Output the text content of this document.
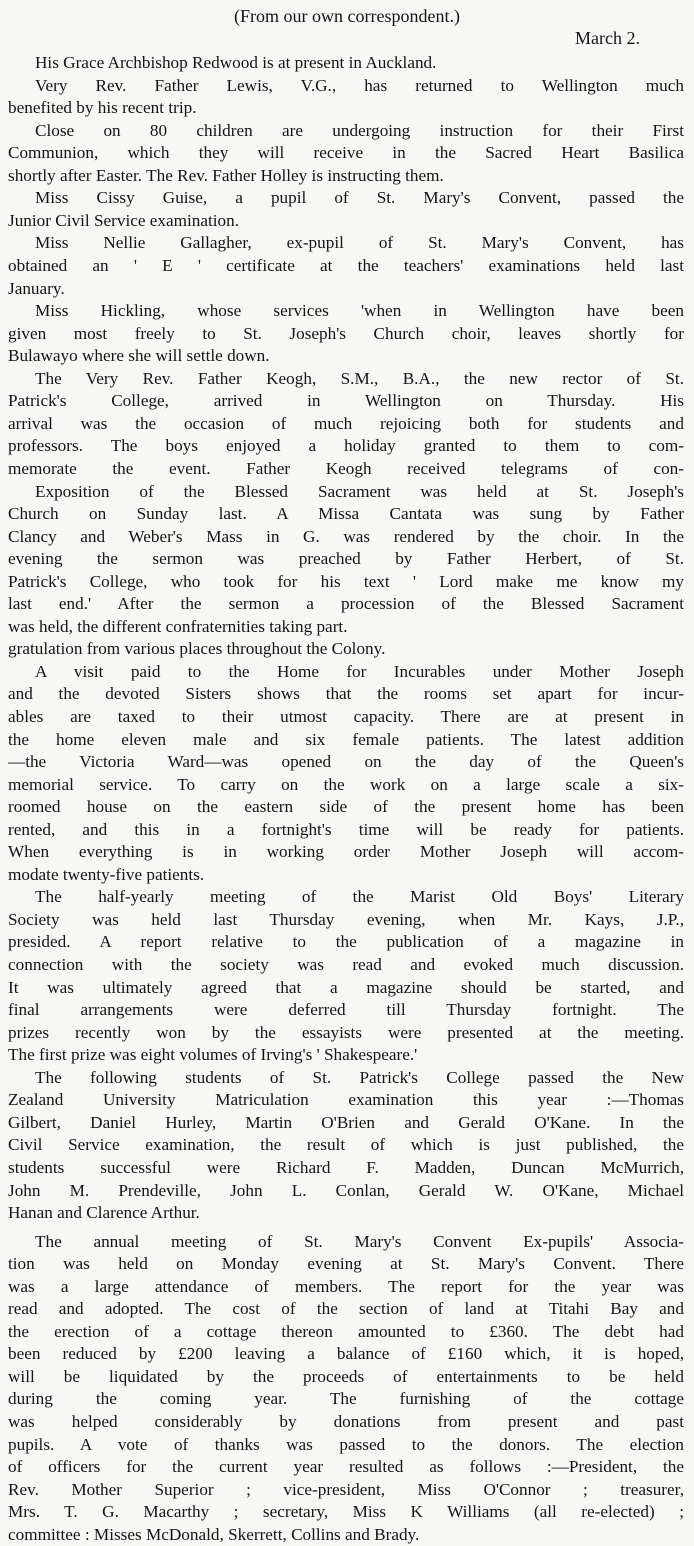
(From our own correspondent.)
March 2.
His Grace Archbishop Redwood is at present in Auckland.
Very Rev. Father Lewis, V.G., has returned to Wellington much
benefited by his recent trip.
Close on 80 children are undergoing instruction for their First
Communion, which they will receive in the Sacred Heart Basilica
shortly after Easter. The Rev. Father Holley is instructing them.
Miss Cissy Guise, a pupil of St. Mary's Convent, passed the
Junior Civil Service examination.
Miss Nellie Gallagher, ex-pupil of St. Mary's Convent, has
obtained an ' E ' certificate at the teachers' examinations held last
January.
Miss Hickling, whose services 'when in Wellington have been
given most freely to St. Joseph's Church choir, leaves shortly for
Bulawayo where she will settle down.
The Very Rev. Father Keogh, S.M., B.A., the new rector of St.
Patrick's College, arrived in Wellington on Thursday. His
arrival was the occasion of much rejoicing both for students and
professors. The boys enjoyed a holiday granted to them to com-
memorate the event. Father Keogh received telegrams of con-
Exposition of the Blessed Sacrament was held at St. Joseph's
Church on Sunday last. A Missa Cantata was sung by Father
Clancy and Weber's Mass in G. was rendered by the choir. In the
evening the sermon was preached by Father Herbert, of St.
Patrick's College, who took for his text ' Lord make me know my
last end.' After the sermon a procession of the Blessed Sacrament
was held, the different confraternities taking part.
gratulation from various places throughout the Colony.
A visit paid to the Home for Incurables under Mother Joseph
and the devoted Sisters shows that the rooms set apart for incur-
ables are taxed to their utmost capacity. There are at present in
the home eleven male and six female patients. The latest addition
—the Victoria Ward—was opened on the day of the Queen's
memorial service. To carry on the work on a large scale a six-
roomed house on the eastern side of the present home has been
rented, and this in a fortnight's time will be ready for patients.
When everything is in working order Mother Joseph will accom-
modate twenty-five patients.
The half-yearly meeting of the Marist Old Boys' Literary
Society was held last Thursday evening, when Mr. Kays, J.P.,
presided. A report relative to the publication of a magazine in
connection with the society was read and evoked much discussion.
It was ultimately agreed that a magazine should be started, and
final arrangements were deferred till Thursday fortnight. The
prizes recently won by the essayists were presented at the meeting.
The first prize was eight volumes of Irving's ' Shakespeare.'
The following students of St. Patrick's College passed the New
Zealand University Matriculation examination this year :—Thomas
Gilbert, Daniel Hurley, Martin O'Brien and Gerald O'Kane. In the
Civil Service examination, the result of which is just published, the
students successful were Richard F. Madden, Duncan McMurrich,
John M. Prendeville, John L. Conlan, Gerald W. O'Kane, Michael
Hanan and Clarence Arthur.
The annual meeting of St. Mary's Convent Ex-pupils' Associa-
tion was held on Monday evening at St. Mary's Convent. There
was a large attendance of members. The report for the year was
read and adopted. The cost of the section of land at Titahi Bay and
the erection of a cottage thereon amounted to £360. The debt had
been reduced by £200 leaving a balance of £160 which, it is hoped,
will be liquidated by the proceeds of entertainments to be held
during the coming year. The furnishing of the cottage
was helped considerably by donations from present and past
pupils. A vote of thanks was passed to the donors. The election
of officers for the current year resulted as follows :—President, the
Rev. Mother Superior ; vice-president, Miss O'Connor ; treasurer,
Mrs. T. G. Macarthy ; secretary, Miss K Williams (all re-elected) ;
committee : Misses McDonald, Skerrett, Collins and Brady.
